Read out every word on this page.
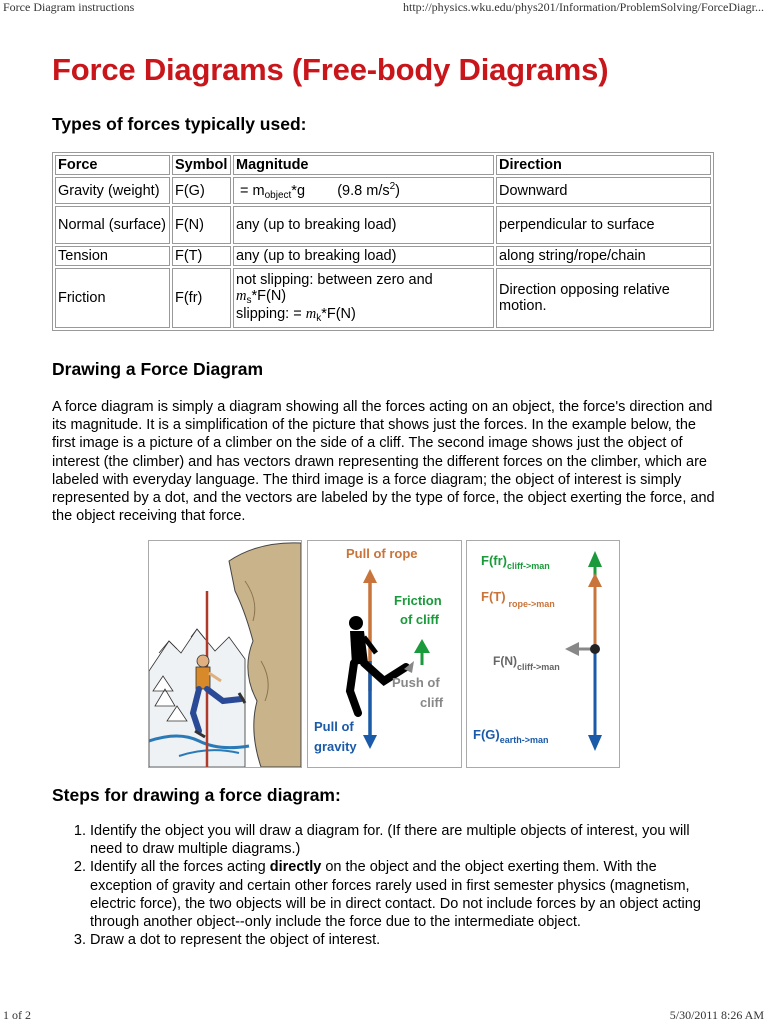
Force Diagram instructions	http://physics.wku.edu/phys201/Information/ProblemSolving/ForceDiagr...
Force Diagrams (Free-body Diagrams)
Types of forces typically used:
Force	Symbol	Magnitude	Direction
Gravity (weight)	F(G)	= $m_{object}*g$        (9.8 $m/s^2$)	Downward
Normal (surface)	F(N)	any (up to breaking load)	perpendicular to surface
Tension	F(T)	any (up to breaking load)	along string/rope/chain
Friction	F(fr)	not slipping: between zero and
$m_s*F(N)$
slipping: = $m_k*F(N)$	Direction opposing relative motion.
Drawing a Force Diagram

A force diagram is simply a diagram showing all the forces acting on an object, the force's direction and its magnitude. It is a simplification of the picture that shows just the forces. In the example below, the first image is a picture of a climber on the side of a cliff. The second image shows just the object of interest (the climber) and has vectors drawn representing the different forces on the climber, which are labeled with everyday language. The third image is a force diagram; the object of interest is simply represented by a dot, and the vectors are labeled by the type of force, the object exerting the force, and the object receiving that force.

Pull of rope
Friction
of cliff
Push of
cliff
Pull of
gravity
$F(fr)_{cliff->man}$
F(T) $_{rope->man}$
$F(N)_{cliff->man}$
$F(G)_{earth->man}$
Steps for drawing a force diagram:
1. Identify the object you will draw a diagram for. (If there are multiple objects of interest, you will need to draw multiple diagrams.)
2. Identify all the forces acting directly on the object and the object exerting them. With the exception of gravity and certain other forces rarely used in first semester physics (magnetism, electric force), the two objects will be in direct contact. Do not include forces by an object acting through another object--only include the force due to the intermediate object.
3. Draw a dot to represent the object of interest.
1 of 2	5/30/2011 8:26 AM
